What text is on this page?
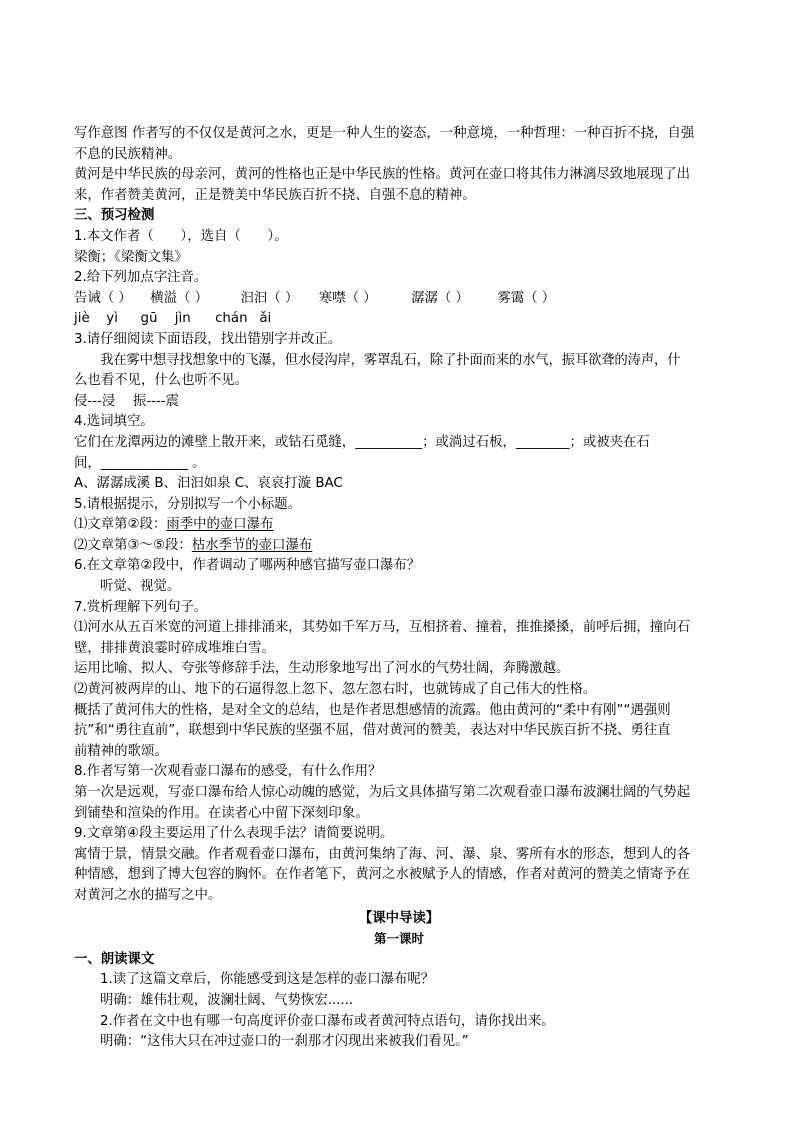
写作意图 作者写的不仅仅是黄河之水，更是一种人生的姿态，一种意境，一种哲理：一种百折不挠，自强
不息的民族精神。
黄河是中华民族的母亲河，黄河的性格也正是中华民族的性格。黄河在壶口将其伟力淋漓尽致地展现了出
来，作者赞美黄河，正是赞美中华民族百折不挠、自强不息的精神。
三、预习检测
1.本文作者（　　），选自（　　）。
梁衡；《梁衡文集》
2.给下列加点字注音。
告诫（ ） 横溢（ ） 汩汩（ ） 寒噤（ ）	潺潺（ ） 雾霭（ ）
jiè yì gū jìn chán ǎi
3.请仔细阅读下面语段，找出错别字并改正。
我在雾中想寻找想象中的飞瀑，但水侵沟岸，雾罩乱石，除了扑面而来的水气，振耳欲聋的涛声，什
么也看不见，什么也听不见。
侵---浸　 振----震
4.选词填空。
它们在龙潭两边的滩壁上散开来，或钻石觅缝，__________；或淌过石板，________；或被夹在石
间，_____________ 。
A、潺潺成溪 B、汩汩如泉 C、哀哀打漩 BAC
5.请根据提示，分别拟写一个小标题。
⑴文章第②段：雨季中的壶口瀑布
⑵文章第③～⑤段：枯水季节的壶口瀑布
6.在文章第②段中，作者调动了哪两种感官描写壶口瀑布？
听觉、视觉。
7.赏析理解下列句子。
⑴河水从五百米宽的河道上排排涌来，其势如千军万马，互相挤着、撞着，推推搡搡，前呼后拥，撞向石
壁，排排黄浪霎时碎成堆堆白雪。
运用比喻、拟人、夸张等修辞手法，生动形象地写出了河水的气势壮阔，奔腾激越。
⑵黄河被两岸的山、地下的石逼得忽上忽下、忽左忽右时，也就铸成了自己伟大的性格。
概括了黄河伟大的性格，是对全文的总结，也是作者思想感情的流露。他由黄河的“柔中有刚”“遇强则
抗”和“勇往直前”，联想到中华民族的坚强不屈，借对黄河的赞美，表达对中华民族百折不挠、勇往直
前精神的歌颂。
8.作者写第一次观看壶口瀑布的感受，有什么作用？
第一次是远观，写壶口瀑布给人惊心动魄的感觉，为后文具体描写第二次观看壶口瀑布波澜壮阔的气势起
到铺垫和渲染的作用。在读者心中留下深刻印象。
9.文章第④段主要运用了什么表现手法？请简要说明。
寓情于景，情景交融。作者观看壶口瀑布，由黄河集纳了海、河、瀑、泉、雾所有水的形态，想到人的各
种情感，想到了博大包容的胸怀。在作者笔下，黄河之水被赋予人的情感，作者对黄河的赞美之情寄予在
对黄河之水的描写之中。
【课中导读】
第一课时
一、朗读课文
1.读了这篇文章后，你能感受到这是怎样的壶口瀑布呢？
明确：雄伟壮观，波澜壮阔、气势恢宏......
2.作者在文中也有哪一句高度评价壶口瀑布或者黄河特点语句，请你找出来。
明确：“这伟大只在冲过壶口的一刹那才闪现出来被我们看见。”
